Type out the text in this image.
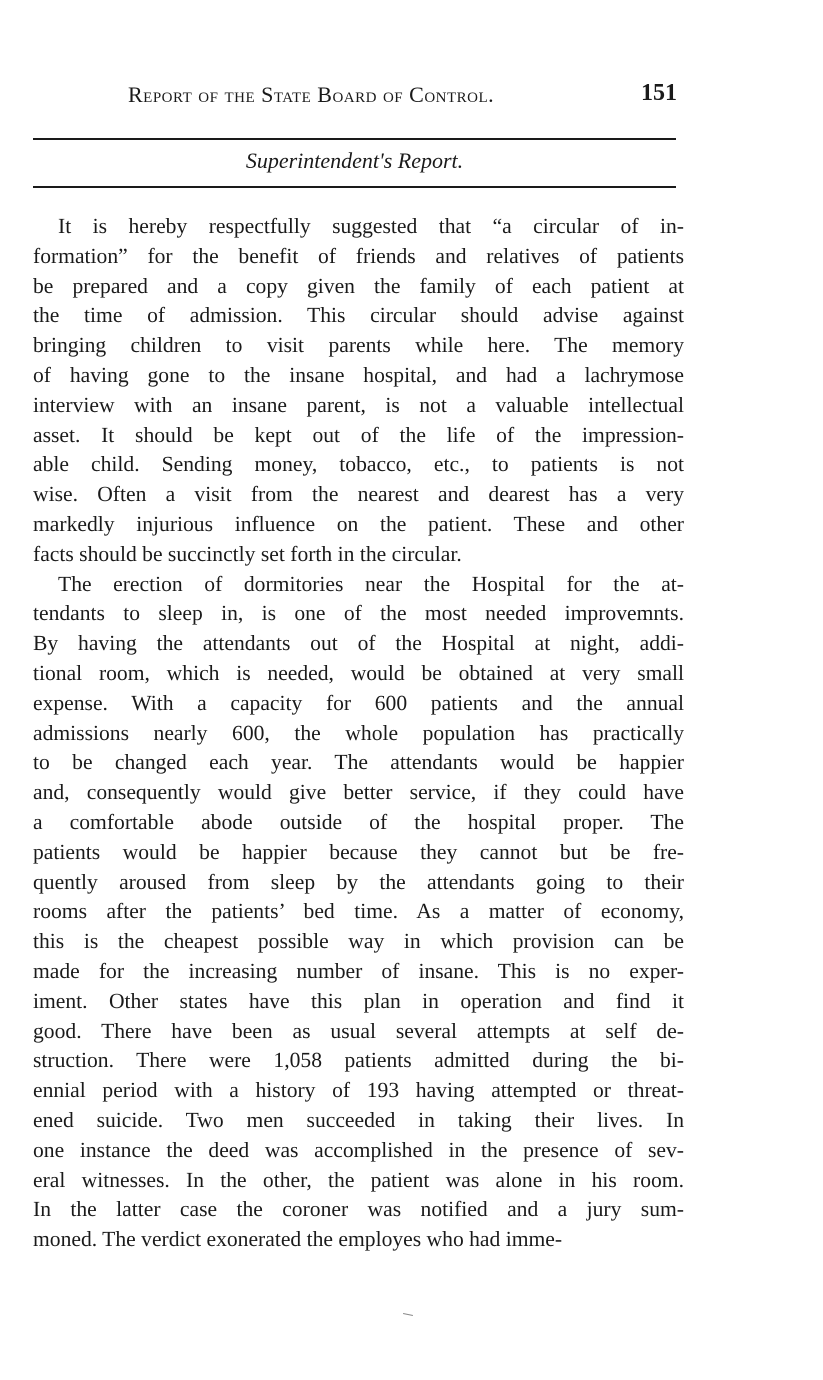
Report of the State Board of Control.	151
Superintendent's Report.
It is hereby respectfully suggested that “a circular of in-
formation” for the benefit of friends and relatives of patients
be prepared and a copy given the family of each patient at
the time of admission. This circular should advise against
bringing children to visit parents while here. The memory
of having gone to the insane hospital, and had a lachrymose
interview with an insane parent, is not a valuable intellectual
asset. It should be kept out of the life of the impression-
able child. Sending money, tobacco, etc., to patients is not
wise. Often a visit from the nearest and dearest has a very
markedly injurious influence on the patient. These and other
facts should be succinctly set forth in the circular.
The erection of dormitories near the Hospital for the at-
tendants to sleep in, is one of the most needed improvemnts.
By having the attendants out of the Hospital at night, addi-
tional room, which is needed, would be obtained at very small
expense. With a capacity for 600 patients and the annual
admissions nearly 600, the whole population has practically
to be changed each year. The attendants would be happier
and, consequently would give better service, if they could have
a comfortable abode outside of the hospital proper. The
patients would be happier because they cannot but be fre-
quently aroused from sleep by the attendants going to their
rooms after the patients’ bed time. As a matter of economy,
this is the cheapest possible way in which provision can be
made for the increasing number of insane. This is no exper-
iment. Other states have this plan in operation and find it
good. There have been as usual several attempts at self de-
struction. There were 1,058 patients admitted during the bi-
ennial period with a history of 193 having attempted or threat-
ened suicide. Two men succeeded in taking their lives. In
one instance the deed was accomplished in the presence of sev-
eral witnesses. In the other, the patient was alone in his room.
In the latter case the coroner was notified and a jury sum-
moned. The verdict exonerated the employes who had imme-
